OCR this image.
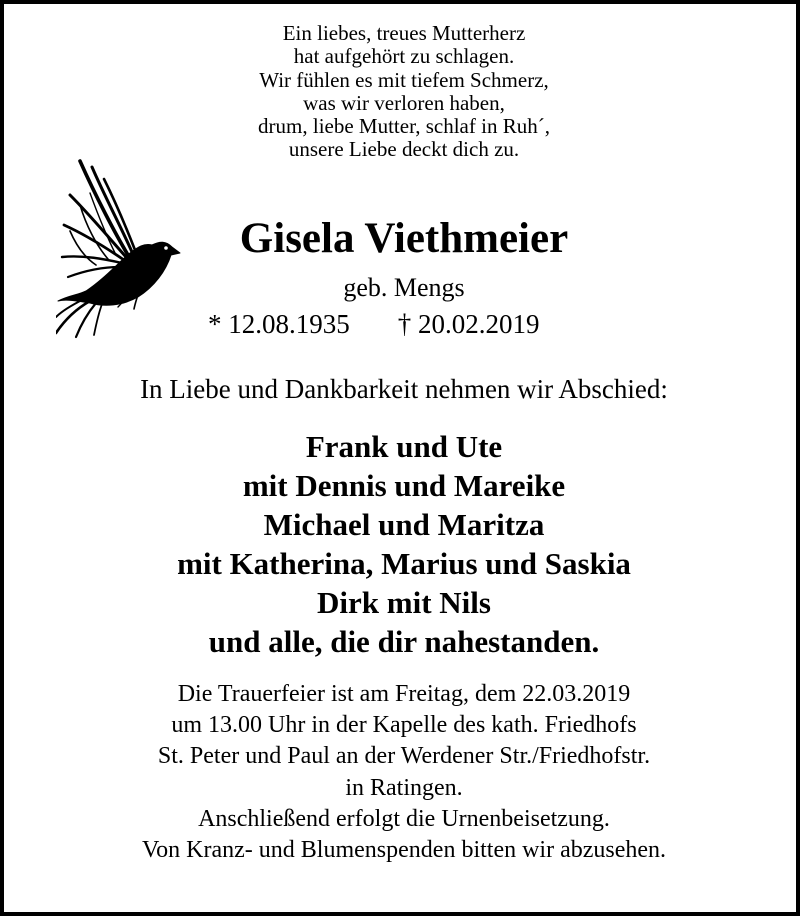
Ein liebes, treues Mutterherz
hat aufgehört zu schlagen.
Wir fühlen es mit tiefem Schmerz,
was wir verloren haben,
drum, liebe Mutter, schlaf in Ruh´,
unsere Liebe deckt dich zu.
Gisela Viethmeier
geb. Mengs
* 12.08.1935 † 20.02.2019
In Liebe und Dankbarkeit nehmen wir Abschied:
Frank und Ute
mit Dennis und Mareike
Michael und Maritza
mit Katherina, Marius und Saskia
Dirk mit Nils
und alle, die dir nahestanden.
Die Trauerfeier ist am Freitag, dem 22.03.2019
um 13.00 Uhr in der Kapelle des kath. Friedhofs
St. Peter und Paul an der Werdener Str./Friedhofstr.
in Ratingen.
Anschließend erfolgt die Urnenbeisetzung.
Von Kranz- und Blumenspenden bitten wir abzusehen.
